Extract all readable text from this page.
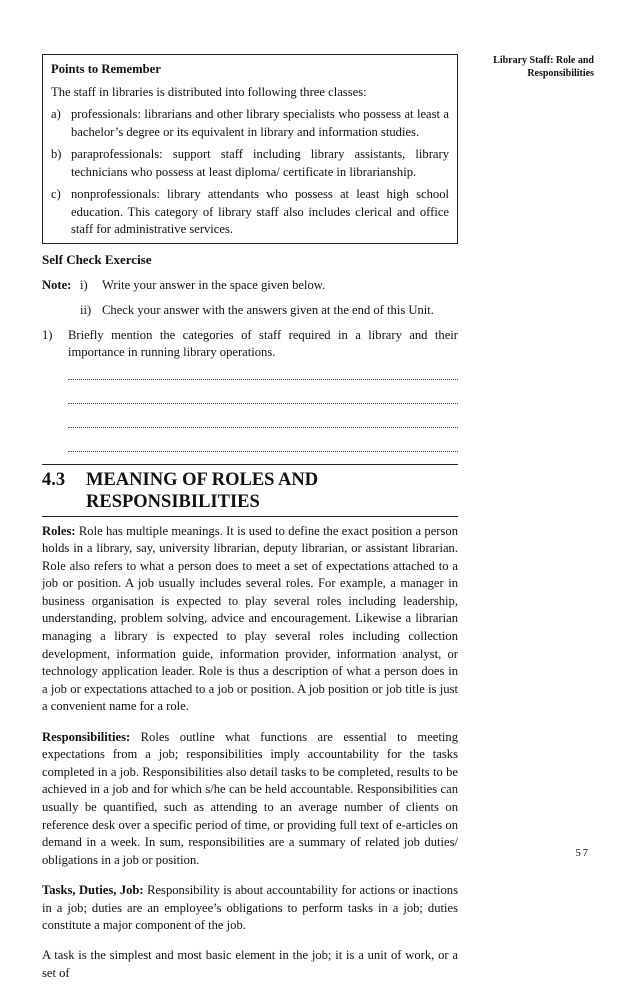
Library Staff: Role and Responsibilities
Points to Remember
The staff in libraries is distributed into following three classes:
a) professionals: librarians and other library specialists who possess at least a bachelor’s degree or its equivalent in library and information studies.
b) paraprofessionals: support staff including library assistants, library technicians who possess at least diploma/ certificate in librarianship.
c) nonprofessionals: library attendants who possess at least high school education. This category of library staff also includes clerical and office staff for administrative services.
Self Check Exercise
Note: i)	Write your answer in the space given below.
ii) Check your answer with the answers given at the end of this Unit.
1)	Briefly mention the categories of staff required in a library and their importance in running library operations.
4.3	MEANING OF ROLES AND RESPONSIBILITIES

Roles: Role has multiple meanings. It is used to define the exact position a person holds in a library, say, university librarian, deputy librarian, or assistant librarian. Role also refers to what a person does to meet a set of expectations attached to a job or position. A job usually includes several roles. For example, a manager in business organisation is expected to play several roles including leadership, understanding, problem solving, advice and encouragement. Likewise a librarian managing a library is expected to play several roles including collection development, information guide, information provider, information analyst, or technology application leader. Role is thus a description of what a person does in a job or expectations attached to a job or position. A job position or job title is just a convenient name for a role.

Responsibilities: Roles outline what functions are essential to meeting expectations from a job; responsibilities imply accountability for the tasks completed in a job. Responsibilities also detail tasks to be completed, results to be achieved in a job and for which s/he can be held accountable. Responsibilities can usually be quantified, such as attending to an average number of clients on reference desk over a specific period of time, or providing full text of e-articles on demand in a week. In sum, responsibilities are a summary of related job duties/ obligations in a job or position.

Tasks, Duties, Job: Responsibility is about accountability for actions or inactions in a job; duties are an employee’s obligations to perform tasks in a job; duties constitute a major component of the job.

A task is the simplest and most basic element in the job; it is a unit of work, or a set of

57
